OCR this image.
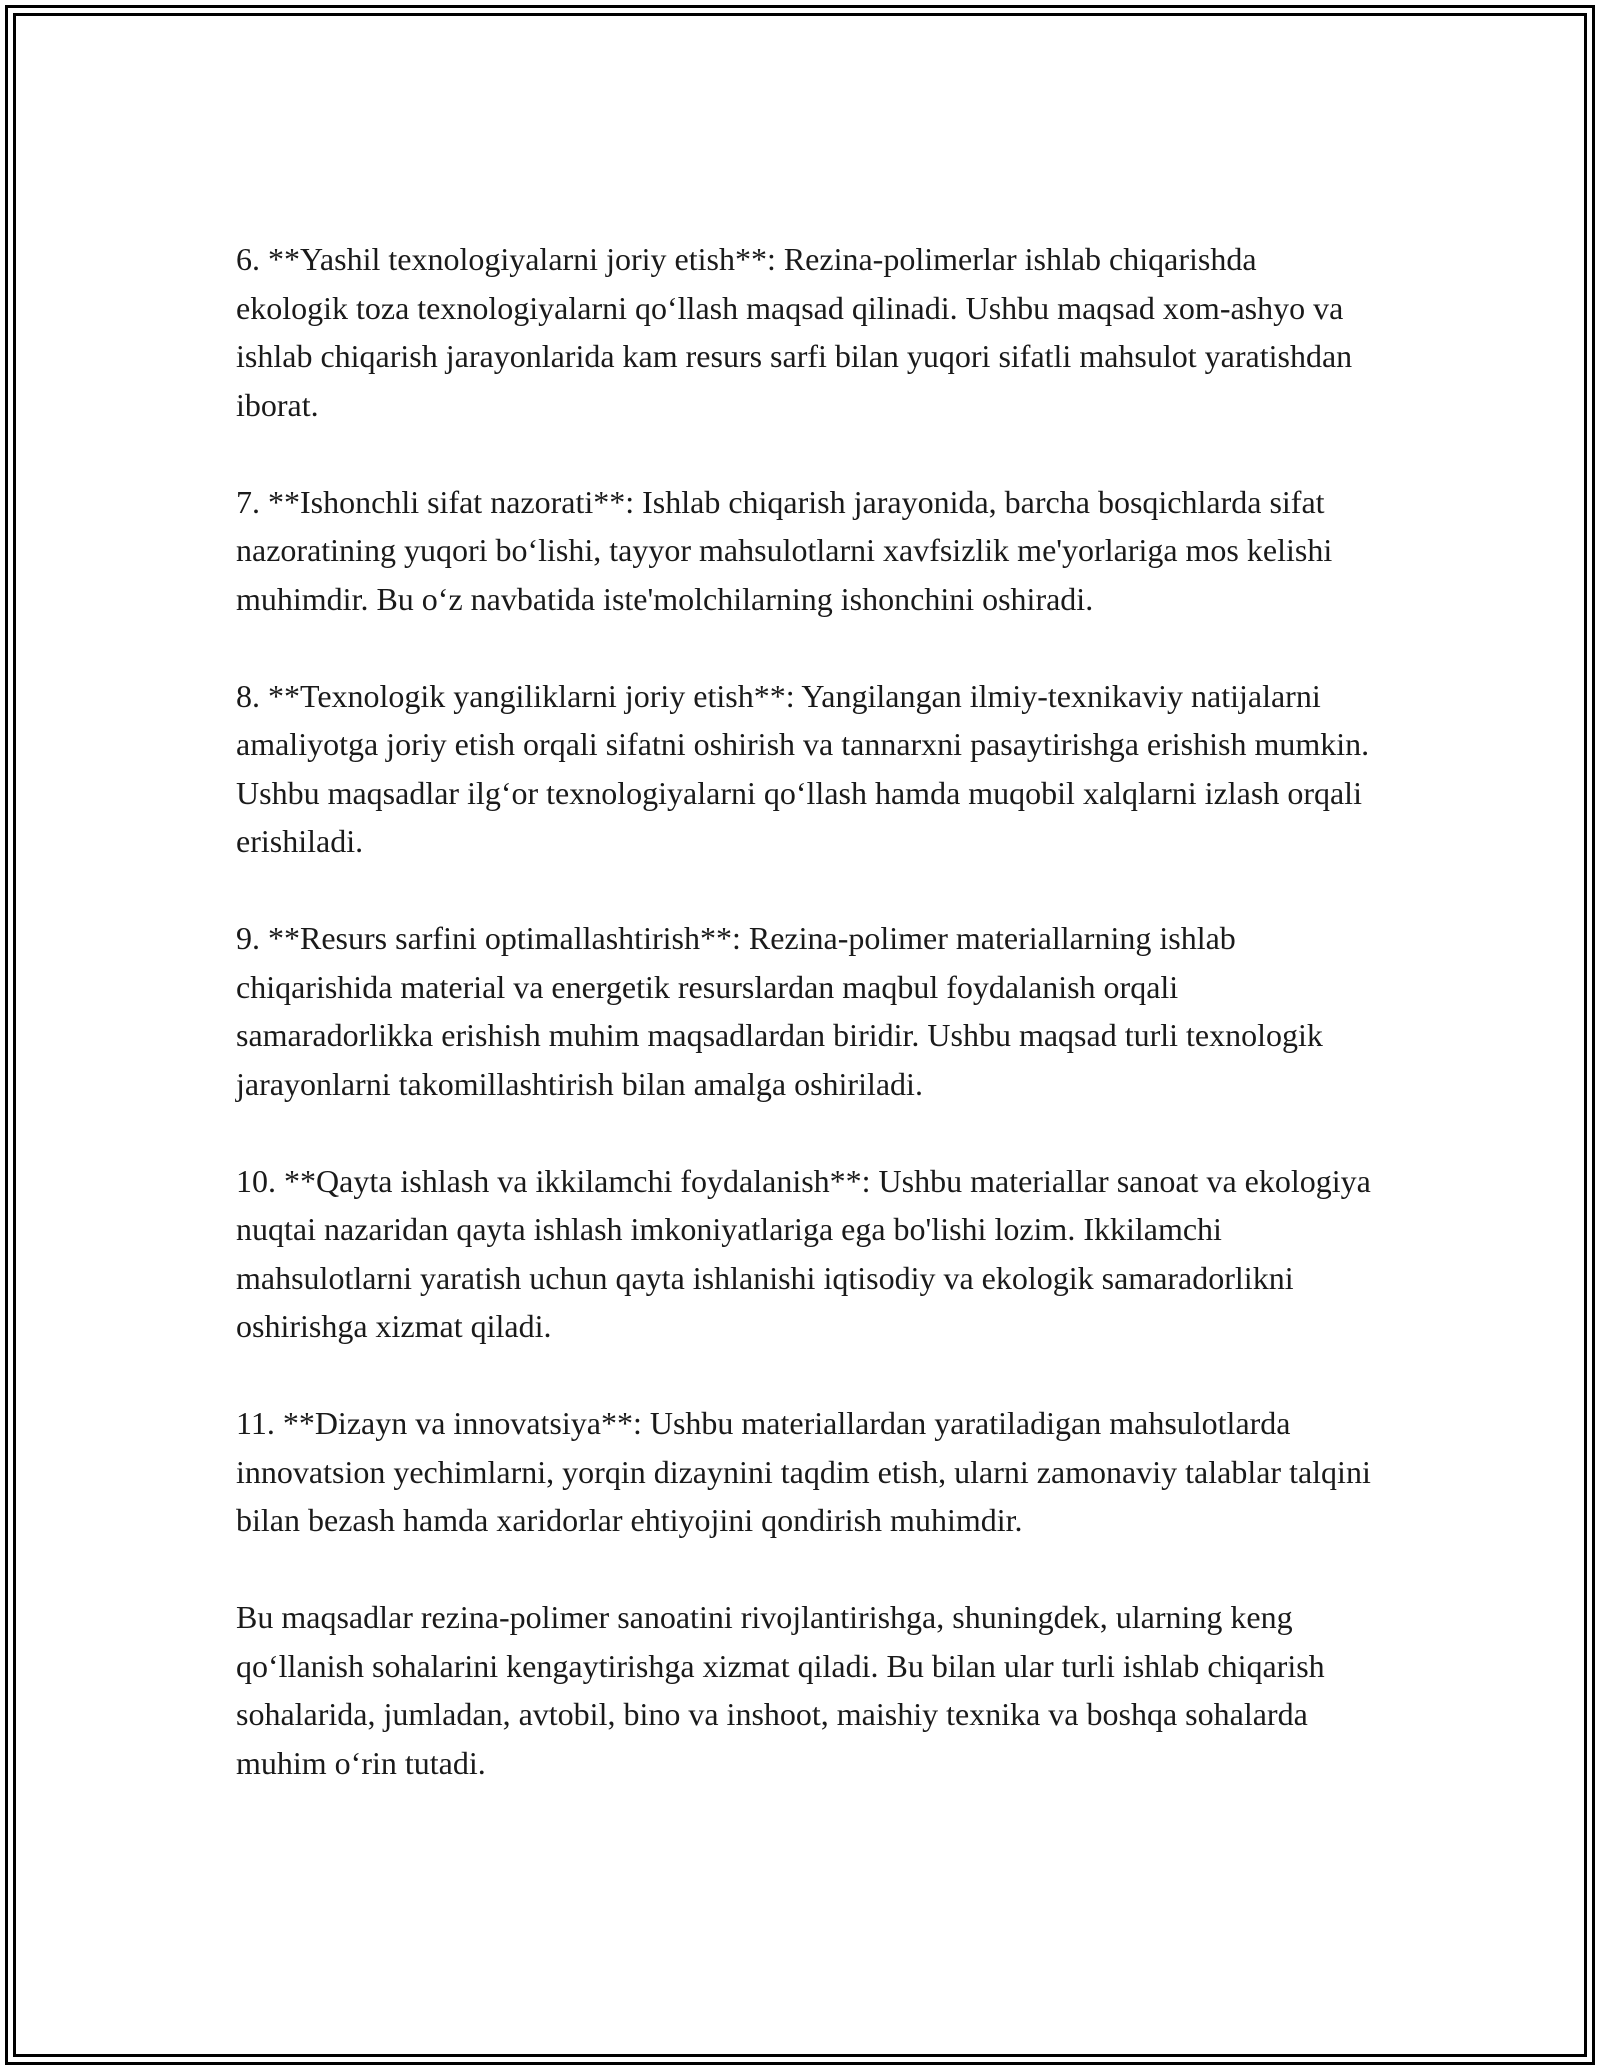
6. **Yashil texnologiyalarni joriy etish**: Rezina-polimerlar ishlab chiqarishda ekologik toza texnologiyalarni qo‘llash maqsad qilinadi. Ushbu maqsad xom-ashyo va ishlab chiqarish jarayonlarida kam resurs sarfi bilan yuqori sifatli mahsulot yaratishdan iborat.

7. **Ishonchli sifat nazorati**: Ishlab chiqarish jarayonida, barcha bosqichlarda sifat nazoratining yuqori bo‘lishi, tayyor mahsulotlarni xavfsizlik me'yorlariga mos kelishi muhimdir. Bu o‘z navbatida iste'molchilarning ishonchini oshiradi.

8. **Texnologik yangiliklarni joriy etish**: Yangilangan ilmiy-texnikaviy natijalarni amaliyotga joriy etish orqali sifatni oshirish va tannarxni pasaytirishga erishish mumkin. Ushbu maqsadlar ilg‘or texnologiyalarni qo‘llash hamda muqobil xalqlarni izlash orqali erishiladi.

9. **Resurs sarfini optimallashtirish**: Rezina-polimer materiallarning ishlab chiqarishida material va energetik resurslardan maqbul foydalanish orqali samaradorlikka erishish muhim maqsadlardan biridir. Ushbu maqsad turli texnologik jarayonlarni takomillashtirish bilan amalga oshiriladi.

10. **Qayta ishlash va ikkilamchi foydalanish**: Ushbu materiallar sanoat va ekologiya nuqtai nazaridan qayta ishlash imkoniyatlariga ega bo'lishi lozim. Ikkilamchi mahsulotlarni yaratish uchun qayta ishlanishi iqtisodiy va ekologik samaradorlikni oshirishga xizmat qiladi.

11. **Dizayn va innovatsiya**: Ushbu materiallardan yaratiladigan mahsulotlarda innovatsion yechimlarni, yorqin dizaynini taqdim etish, ularni zamonaviy talablar talqini bilan bezash hamda xaridorlar ehtiyojini qondirish muhimdir.

Bu maqsadlar rezina-polimer sanoatini rivojlantirishga, shuningdek, ularning keng qo‘llanish sohalarini kengaytirishga xizmat qiladi. Bu bilan ular turli ishlab chiqarish sohalarida, jumladan, avtobil, bino va inshoot, maishiy texnika va boshqa sohalarda muhim o‘rin tutadi.
